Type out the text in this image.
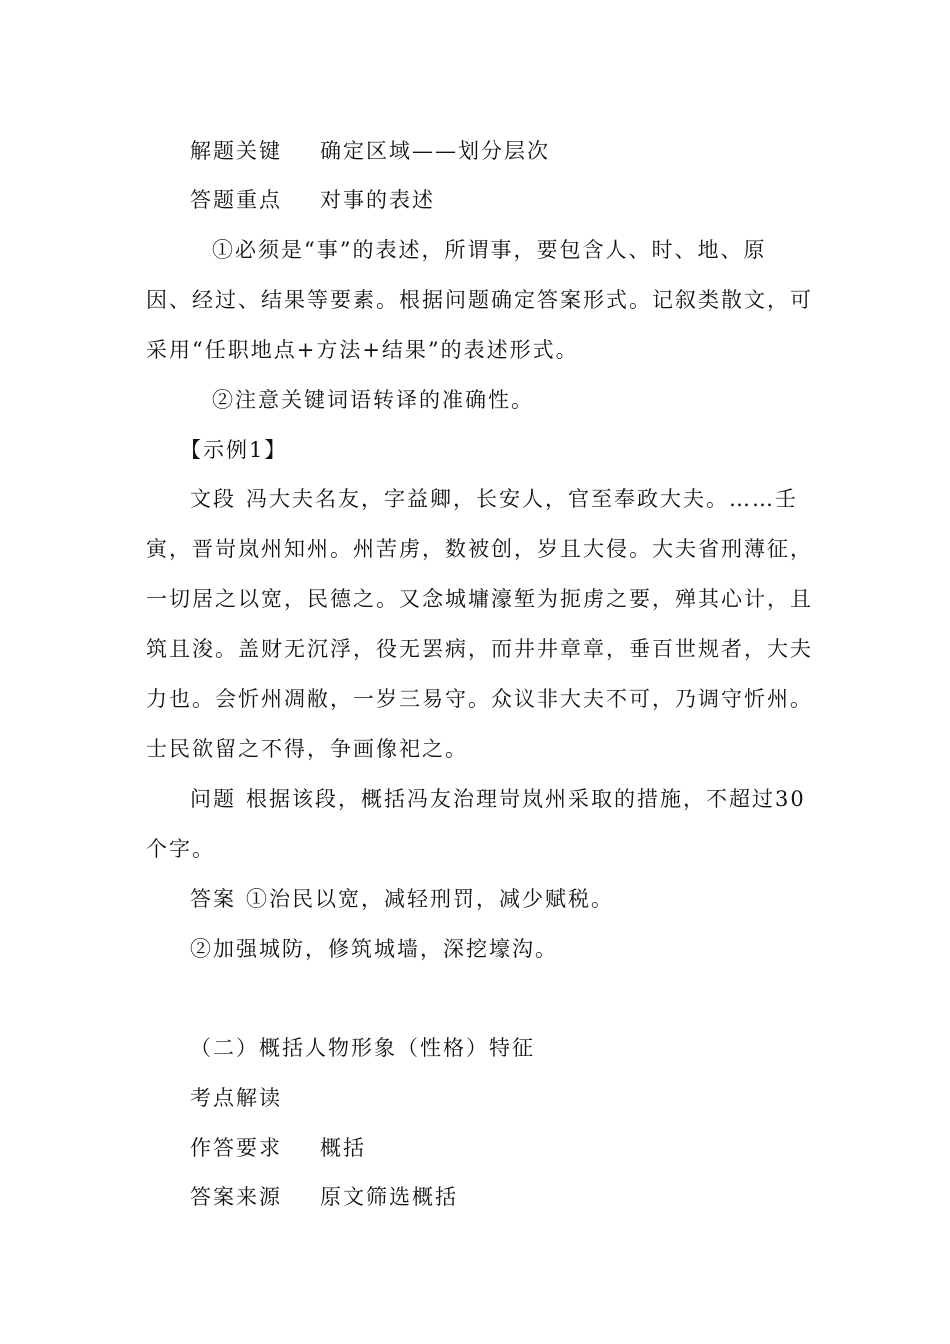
解题关键 确定区域——划分层次
答题重点 对事的表述
①必须是“事”的表述，所谓事，要包含人、时、地、原
因、经过、结果等要素。根据问题确定答案形式。记叙类散文，可
采用“任职地点+方法+结果”的表述形式。
②注意关键词语转译的准确性。
【示例1】
文段 冯大夫名友，字益卿，长安人，官至奉政大夫。……壬
寅，晋岢岚州知州。州苦虏，数被创，岁且大侵。大夫省刑薄征，
一切居之以宽，民德之。又念城墉濠堑为扼虏之要，殚其心计，且
筑且浚。盖财无沉浮，役无罢病，而井井章章，垂百世规者，大夫
力也。会忻州凋敝，一岁三易守。众议非大夫不可，乃调守忻州。
士民欲留之不得，争画像祀之。
问题 根据该段，概括冯友治理岢岚州采取的措施，不超过30
个字。
答案 ①治民以宽，减轻刑罚，减少赋税。
②加强城防，修筑城墙，深挖壕沟。
（二）概括人物形象（性格）特征
考点解读
作答要求 概括
答案来源 原文筛选概括
